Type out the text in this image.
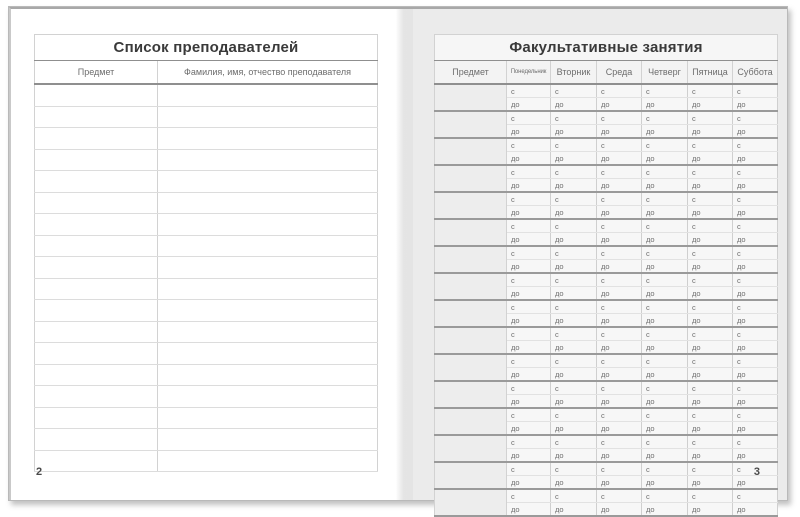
Список преподавателей	
Предмет	Фамилия, имя, отчество преподавателя

2
Факультативные занятия						
Предмет	Понедельник	Вторник	Среда	Четверг	Пятница	Суббота
	с	с	с	с	с	с
	до	до	до	до	до	до
	с	с	с	с	с	с
	до	до	до	до	до	до
	с	с	с	с	с	с
	до	до	до	до	до	до
	с	с	с	с	с	с
	до	до	до	до	до	до
	с	с	с	с	с	с
	до	до	до	до	до	до
	с	с	с	с	с	с
	до	до	до	до	до	до
	с	с	с	с	с	с
	до	до	до	до	до	до
	с	с	с	с	с	с
	до	до	до	до	до	до
	с	с	с	с	с	с
	до	до	до	до	до	до
	с	с	с	с	с	с
	до	до	до	до	до	до
	с	с	с	с	с	с
	до	до	до	до	до	до
	с	с	с	с	с	с
	до	до	до	до	до	до
	с	с	с	с	с	с
	до	до	до	до	до	до
	с	с	с	с	с	с
	до	до	до	до	до	до
	с	с	с	с	с	с
	до	до	до	до	до	до
	с	с	с	с	с	с
	до	до	до	до	до	до
3
